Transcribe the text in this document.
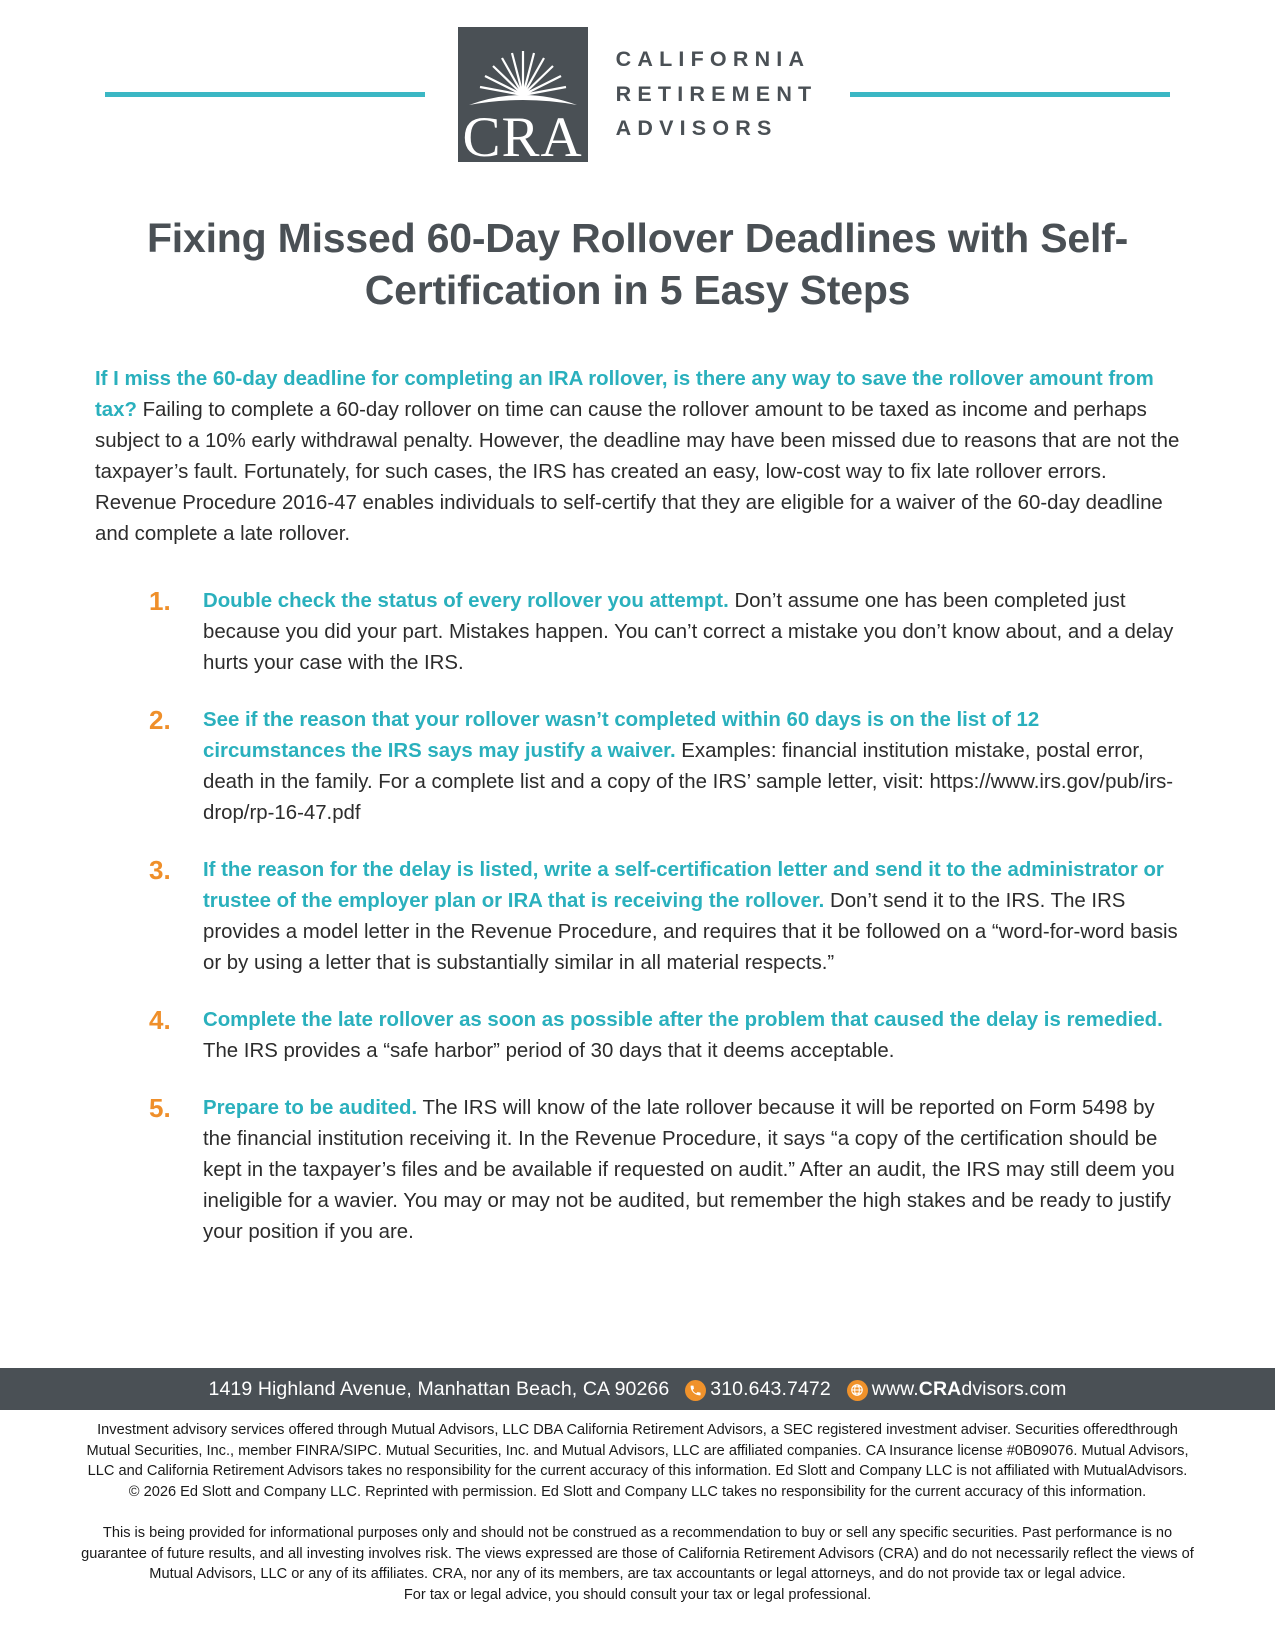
CRA
CALIFORNIA
RETIREMENT
ADVISORS
Fixing Missed 60-Day Rollover Deadlines with Self-Certification in 5 Easy Steps

If I miss the 60-day deadline for completing an IRA rollover, is there any way to save the rollover amount from tax? Failing to complete a 60-day rollover on time can cause the rollover amount to be taxed as income and perhaps subject to a 10% early withdrawal penalty. However, the deadline may have been missed due to reasons that are not the taxpayer’s fault. Fortunately, for such cases, the IRS has created an easy, low-cost way to fix late rollover errors. Revenue Procedure 2016-47 enables individuals to self-certify that they are eligible for a waiver of the 60-day deadline and complete a late rollover.

1.	Double check the status of every rollover you attempt. Don’t assume one has been completed just because you did your part. Mistakes happen. You can’t correct a mistake you don’t know about, and a delay hurts your case with the IRS.
2.	See if the reason that your rollover wasn’t completed within 60 days is on the list of 12 circumstances the IRS says may justify a waiver. Examples: financial institution mistake, postal error, death in the family. For a complete list and a copy of the IRS’ sample letter, visit: https://www.irs.gov/pub/irs-drop/rp-16-47.pdf
3.	If the reason for the delay is listed, write a self-certification letter and send it to the administrator or trustee of the employer plan or IRA that is receiving the rollover. Don’t send it to the IRS. The IRS provides a model letter in the Revenue Procedure, and requires that it be followed on a “word-for-word basis or by using a letter that is substantially similar in all material respects.”
4.	Complete the late rollover as soon as possible after the problem that caused the delay is remedied. The IRS provides a “safe harbor” period of 30 days that it deems acceptable.
5.	Prepare to be audited. The IRS will know of the late rollover because it will be reported on Form 5498 by the financial institution receiving it. In the Revenue Procedure, it says “a copy of the certification should be kept in the taxpayer’s files and be available if requested on audit.” After an audit, the IRS may still deem you ineligible for a wavier. You may or may not be audited, but remember the high stakes and be ready to justify your position if you are.
1419 Highland Avenue, Manhattan Beach, CA 90266 310.643.7472 www.CRAdvisors.com

Investment advisory services offered through Mutual Advisors, LLC DBA California Retirement Advisors, a SEC registered investment adviser. Securities offeredthrough

Mutual Securities, Inc., member FINRA/SIPC. Mutual Securities, Inc. and Mutual Advisors, LLC are affiliated companies. CA Insurance license #0B09076. Mutual Advisors,

LLC and California Retirement Advisors takes no responsibility for the current accuracy of this information. Ed Slott and Company LLC is not affiliated with MutualAdvisors.

© 2026 Ed Slott and Company LLC. Reprinted with permission. Ed Slott and Company LLC takes no responsibility for the current accuracy of this information.

This is being provided for informational purposes only and should not be construed as a recommendation to buy or sell any specific securities. Past performance is no

guarantee of future results, and all investing involves risk. The views expressed are those of California Retirement Advisors (CRA) and do not necessarily reflect the views of

Mutual Advisors, LLC or any of its affiliates. CRA, nor any of its members, are tax accountants or legal attorneys, and do not provide tax or legal advice.

For tax or legal advice, you should consult your tax or legal professional.
